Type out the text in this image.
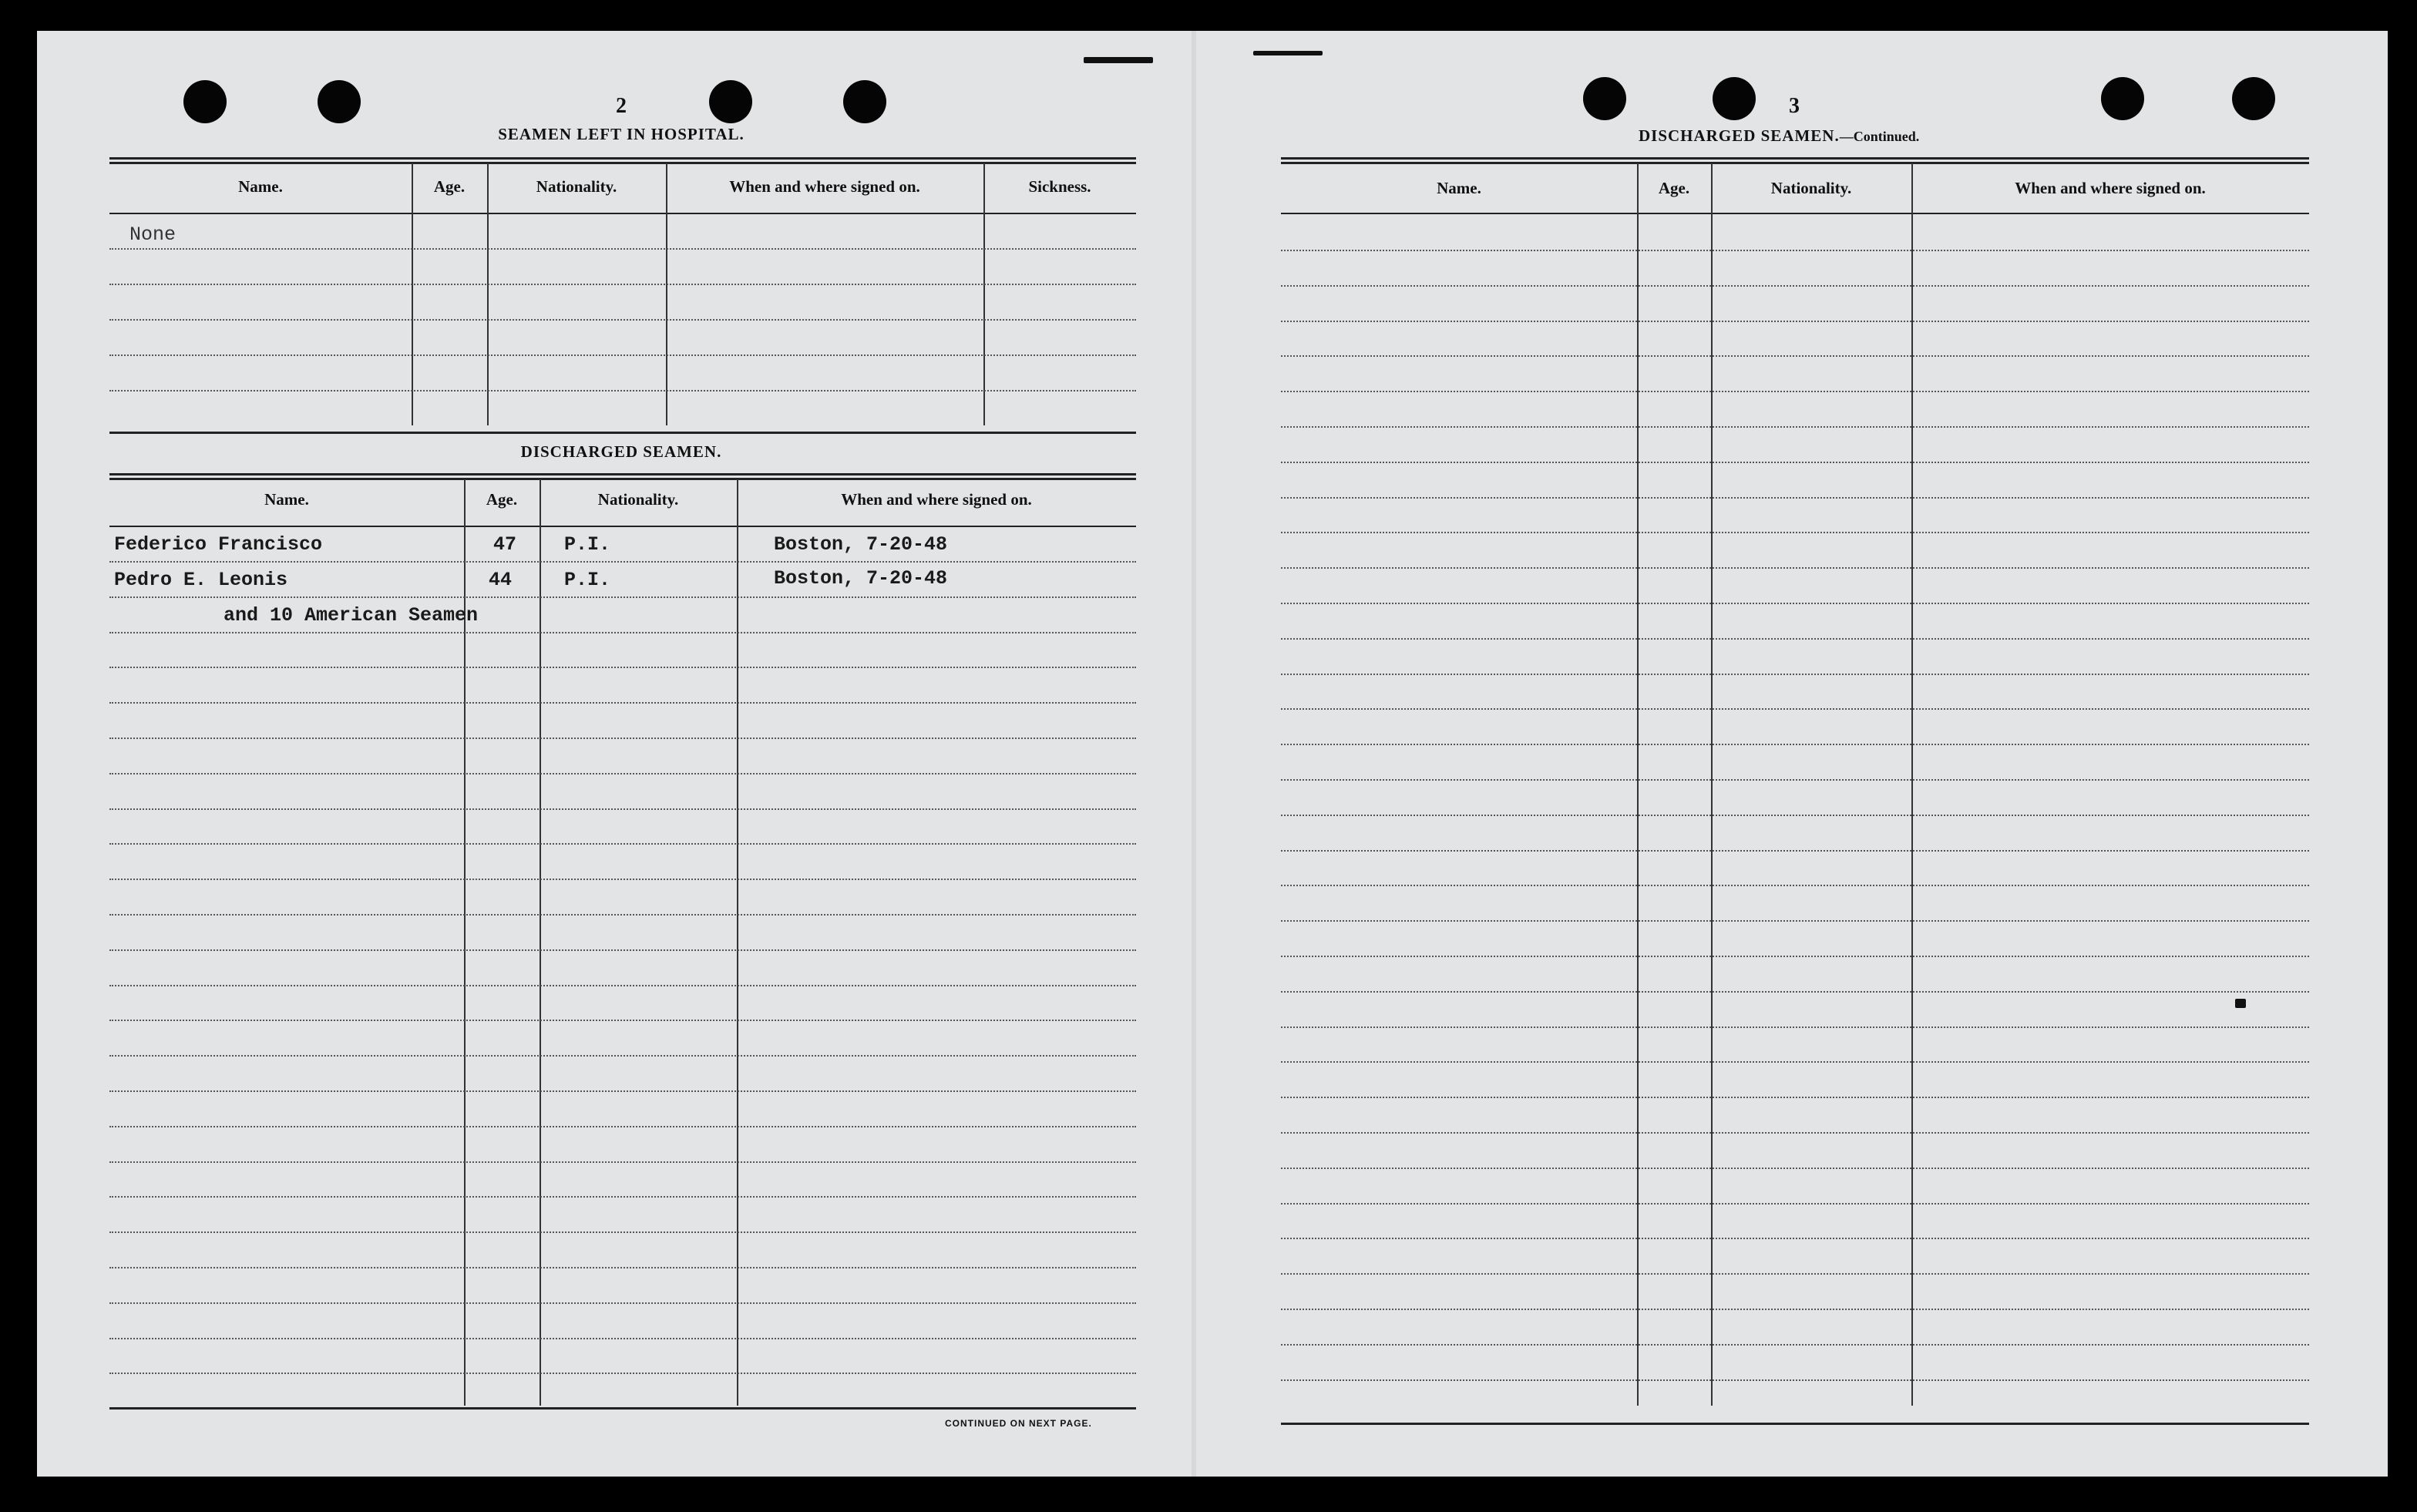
2
SEAMEN LEFT IN HOSPITAL.
Name.	Age.	Nationality.	When and where signed on.	Sickness.
None
DISCHARGED SEAMEN.
Name.	Age.	Nationality.	When and where signed on.
Federico Francisco	47 P.I.	Boston, 7-20-48
Pedro E. Leonis	44	P.I.	Boston, 7-20-48
and 10 American Seamen
CONTINUED ON NEXT PAGE.
3
DISCHARGED SEAMEN.—Continued.
Name.	Age.	Nationality.	When and where signed on.
